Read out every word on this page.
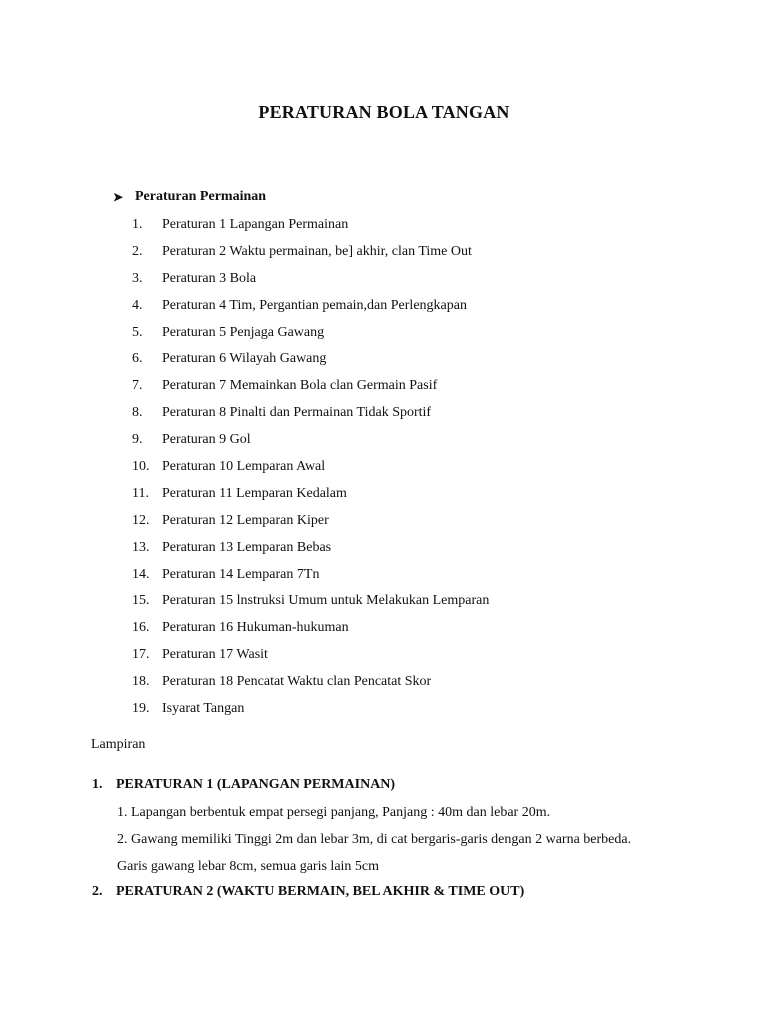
PERATURAN BOLA TANGAN
➤ Peraturan Permainan
1.	Peraturan 1 Lapangan Permainan
2.	Peraturan 2 Waktu permainan, be] akhir, clan Time Out
3.	Peraturan 3 Bola
4.	Peraturan 4 Tim, Pergantian pemain,dan Perlengkapan
5.	Peraturan 5 Penjaga Gawang
6.	Peraturan 6 Wilayah Gawang
7.	Peraturan 7 Memainkan Bola clan Germain Pasif
8.	Peraturan 8 Pinalti dan Permainan Tidak Sportif
9.	Peraturan 9 Gol
10. Peraturan 10 Lemparan Awal
11. Peraturan 11 Lemparan Kedalam
12. Peraturan 12 Lemparan Kiper
13. Peraturan 13 Lemparan Bebas
14. Peraturan 14 Lemparan 7Tn
15. Peraturan 15 lnstruksi Umum untuk Melakukan Lemparan
16. Peraturan 16 Hukuman-hukuman
17. Peraturan 17 Wasit
18. Peraturan 18 Pencatat Waktu clan Pencatat Skor
19. Isyarat Tangan
Lampiran
1. PERATURAN 1 (LAPANGAN PERMAINAN)
1. Lapangan berbentuk empat persegi panjang, Panjang : 40m dan lebar 20m.
2. Gawang memiliki Tinggi 2m dan lebar 3m, di cat bergaris-garis dengan 2 warna berbeda.
Garis gawang lebar 8cm, semua garis lain 5cm
2. PERATURAN 2 (WAKTU BERMAIN, BEL AKHIR & TIME OUT)
